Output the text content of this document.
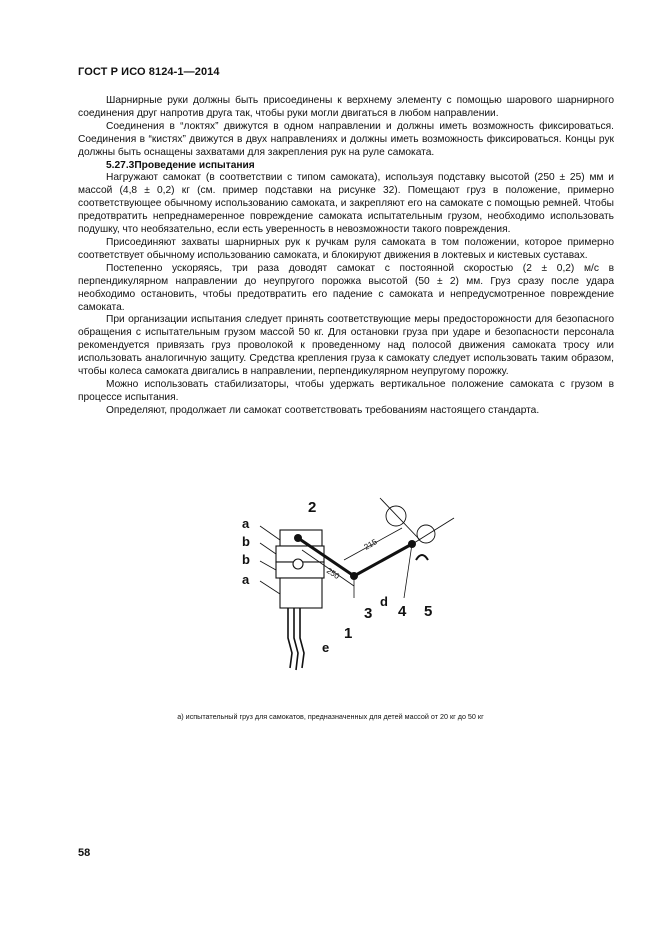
ГОСТ Р ИСО 8124-1—2014

Шарнирные руки должны быть присоединены к верхнему элементу с помощью шарового шарнирного соединения друг напротив друга так, чтобы руки могли двигаться в любом направлении.

Соединения в “локтях” движутся в одном направлении и должны иметь возможность фиксироваться. Соединения в “кистях” движутся в двух направлениях и должны иметь возможность фиксироваться. Концы рук должны быть оснащены захватами для закрепления рук на руле самоката.

5.27.3Проведение испытания

Нагружают самокат (в соответствии с типом самоката), используя подставку высотой (250 ± 25) мм и массой (4,8 ± 0,2) кг (см. пример подставки на рисунке 32). Помещают груз в положение, примерно соответствующее обычному использованию самоката, и закрепляют его на самокате с помощью ремней. Чтобы предотвратить непреднамеренное повреждение самоката испытательным грузом, необходимо использовать подушку, что необязательно, если есть уверенность в невозможности такого повреждения.

Присоединяют захваты шарнирных рук к ручкам руля самоката в том положении, которое примерно соответствует обычному использованию самоката, и блокируют движения в локтевых и кистевых суставах.

Постепенно ускоряясь, три раза доводят самокат с постоянной скоростью (2 ± 0,2) м/с в перпендикулярном направлении до неупругого порожка высотой (50 ± 2) мм. Груз сразу после удара необходимо остановить, чтобы предотвратить его падение с самоката и непредусмотренное повреждение самоката.

При организации испытания следует принять соответствующие меры предосторожности для безопасного обращения с испытательным грузом массой 50 кг. Для остановки груза при ударе и безопасности персонала рекомендуется привязать груз проволокой к проведенному над полосой движения самоката тросу или использовать аналогичную защиту. Средства крепления груза к самокату следует использовать таким образом, чтобы колеса самоката двигались в направлении, перпендикулярном неупругому порожку.

Можно использовать стабилизаторы, чтобы удержать вертикальное положение самоката с грузом в процессе испытания.

Определяют, продолжает ли самокат соответствовать требованиям настоящего стандарта.

a
b
b
a
2
1
e
3
d
4 5
250
215
а) испытательный груз для самокатов, предназначенных для детей массой от 20 кг до 50 кг
58
